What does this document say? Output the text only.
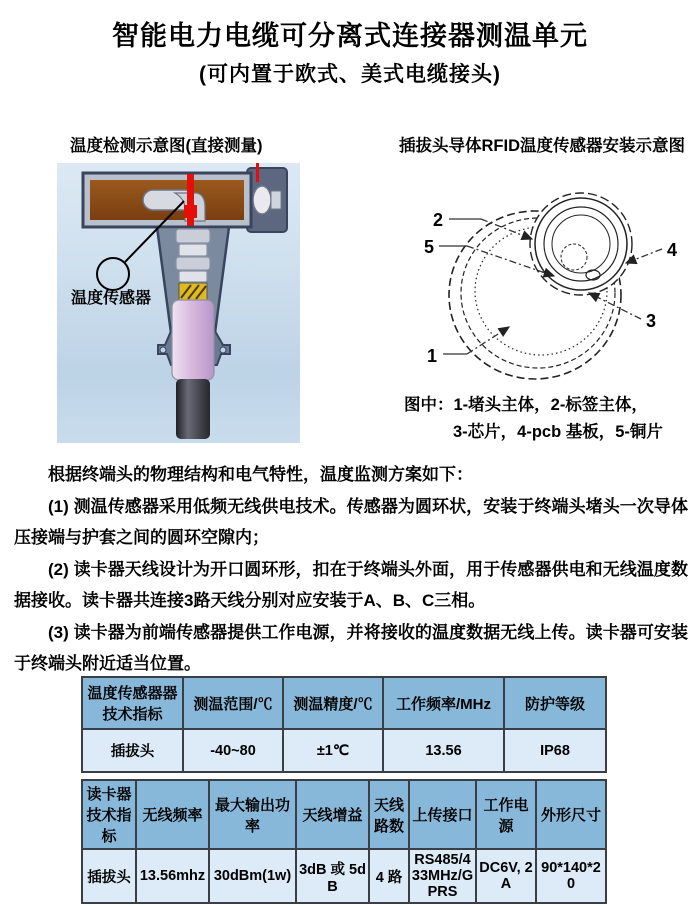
智能电力电缆可分离式连接器测温单元
(可内置于欧式、美式电缆接头)
温度检测示意图(直接测量)	插拔头导体RFID温度传感器安装示意图
温度传感器
2
5	4
3
1
图中：1-堵头主体，2-标签主体，
3-芯片，4-pcb 基板，5-铜片

根据终端头的物理结构和电气特性，温度监测方案如下：

(1) 测温传感器采用低频无线供电技术。传感器为圆环状，安装于终端头堵头一次导体压接端与护套之间的圆环空隙内；

(2) 读卡器天线设计为开口圆环形，扣在于终端头外面，用于传感器供电和无线温度数据接收。读卡器共连接3路天线分别对应安装于A、B、C三相。

(3) 读卡器为前端传感器提供工作电源，并将接收的温度数据无线上传。读卡器可安装于终端头附近适当位置。

温度传感器器技术指标	测温范围/℃	测温精度/℃	工作频率/MHz	防护等级
插拔头	-40~80	±1℃	13.56	IP68
读卡器技术指标	无线频率	最大输出功率	天线增益	天线路数	上传接口	工作电源	外形尺寸
插拔头	13.56mhz	30dBm(1w)	3dB 或 5dB	4 路	RS485/433MHz/GPRS	DC6V, 2A	90*140*20
